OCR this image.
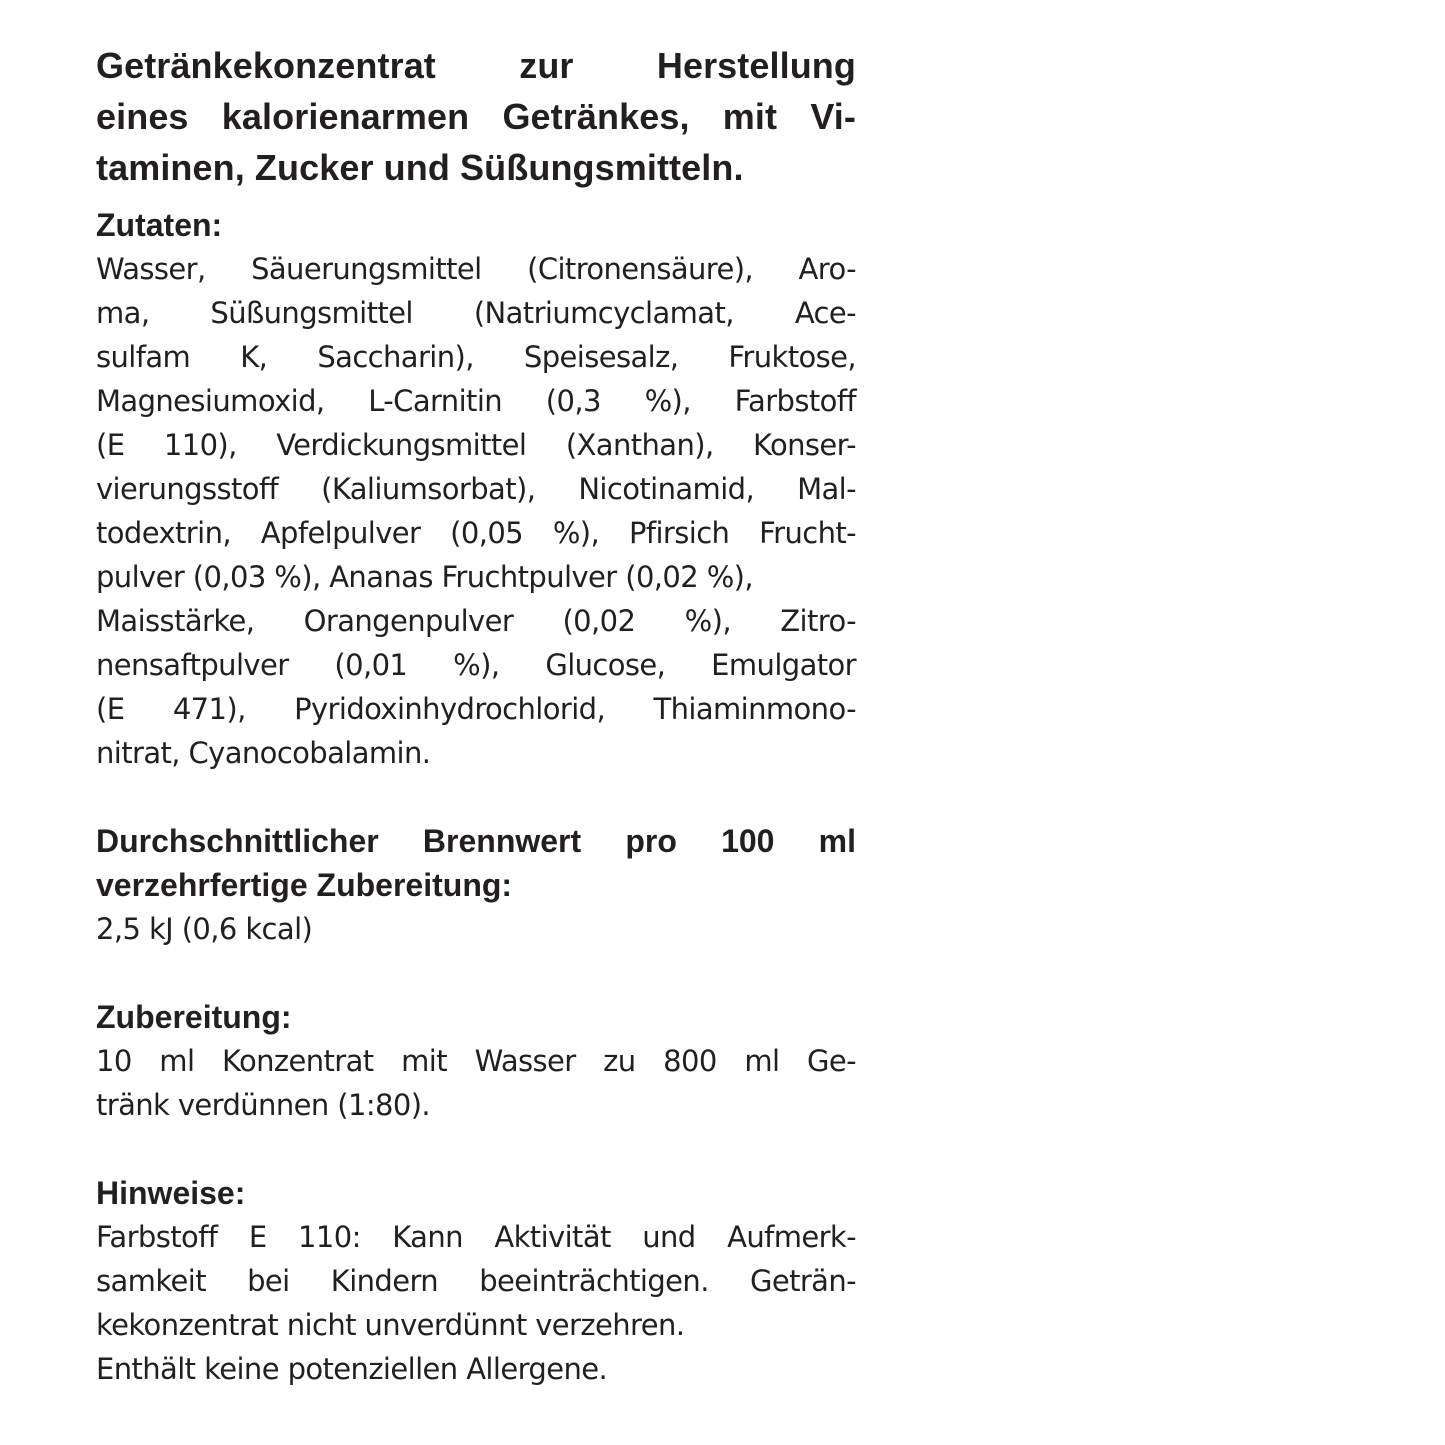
Getränkekonzentrat zur Herstellung
eines kalorienarmen Getränkes, mit Vi-
taminen, Zucker und Süßungsmitteln.
Zutaten:
Wasser, Säuerungsmittel (Citronensäure), Aro-
ma, Süßungsmittel (Natriumcyclamat, Ace-
sulfam K, Saccharin), Speisesalz, Fruktose,
Magnesiumoxid, L-Carnitin (0,3 %), Farbstoff
(E 110), Verdickungsmittel (Xanthan), Konser-
vierungsstoff (Kaliumsorbat), Nicotinamid, Mal-
todextrin, Apfelpulver (0,05 %), Pfirsich Frucht-
pulver (0,03 %), Ananas Fruchtpulver (0,02 %),
Maisstärke, Orangenpulver (0,02 %), Zitro-
nensaftpulver (0,01 %), Glucose, Emulgator
(E 471), Pyridoxinhydrochlorid, Thiaminmono-
nitrat, Cyanocobalamin.
Durchschnittlicher Brennwert pro 100 ml
verzehrfertige Zubereitung:
2,5 kJ (0,6 kcal)
Zubereitung:
10 ml Konzentrat mit Wasser zu 800 ml Ge-
tränk verdünnen (1:80).
Hinweise:
Farbstoff E 110: Kann Aktivität und Aufmerk-
samkeit bei Kindern beeinträchtigen. Geträn-
kekonzentrat nicht unverdünnt verzehren.
Enthält keine potenziellen Allergene.
